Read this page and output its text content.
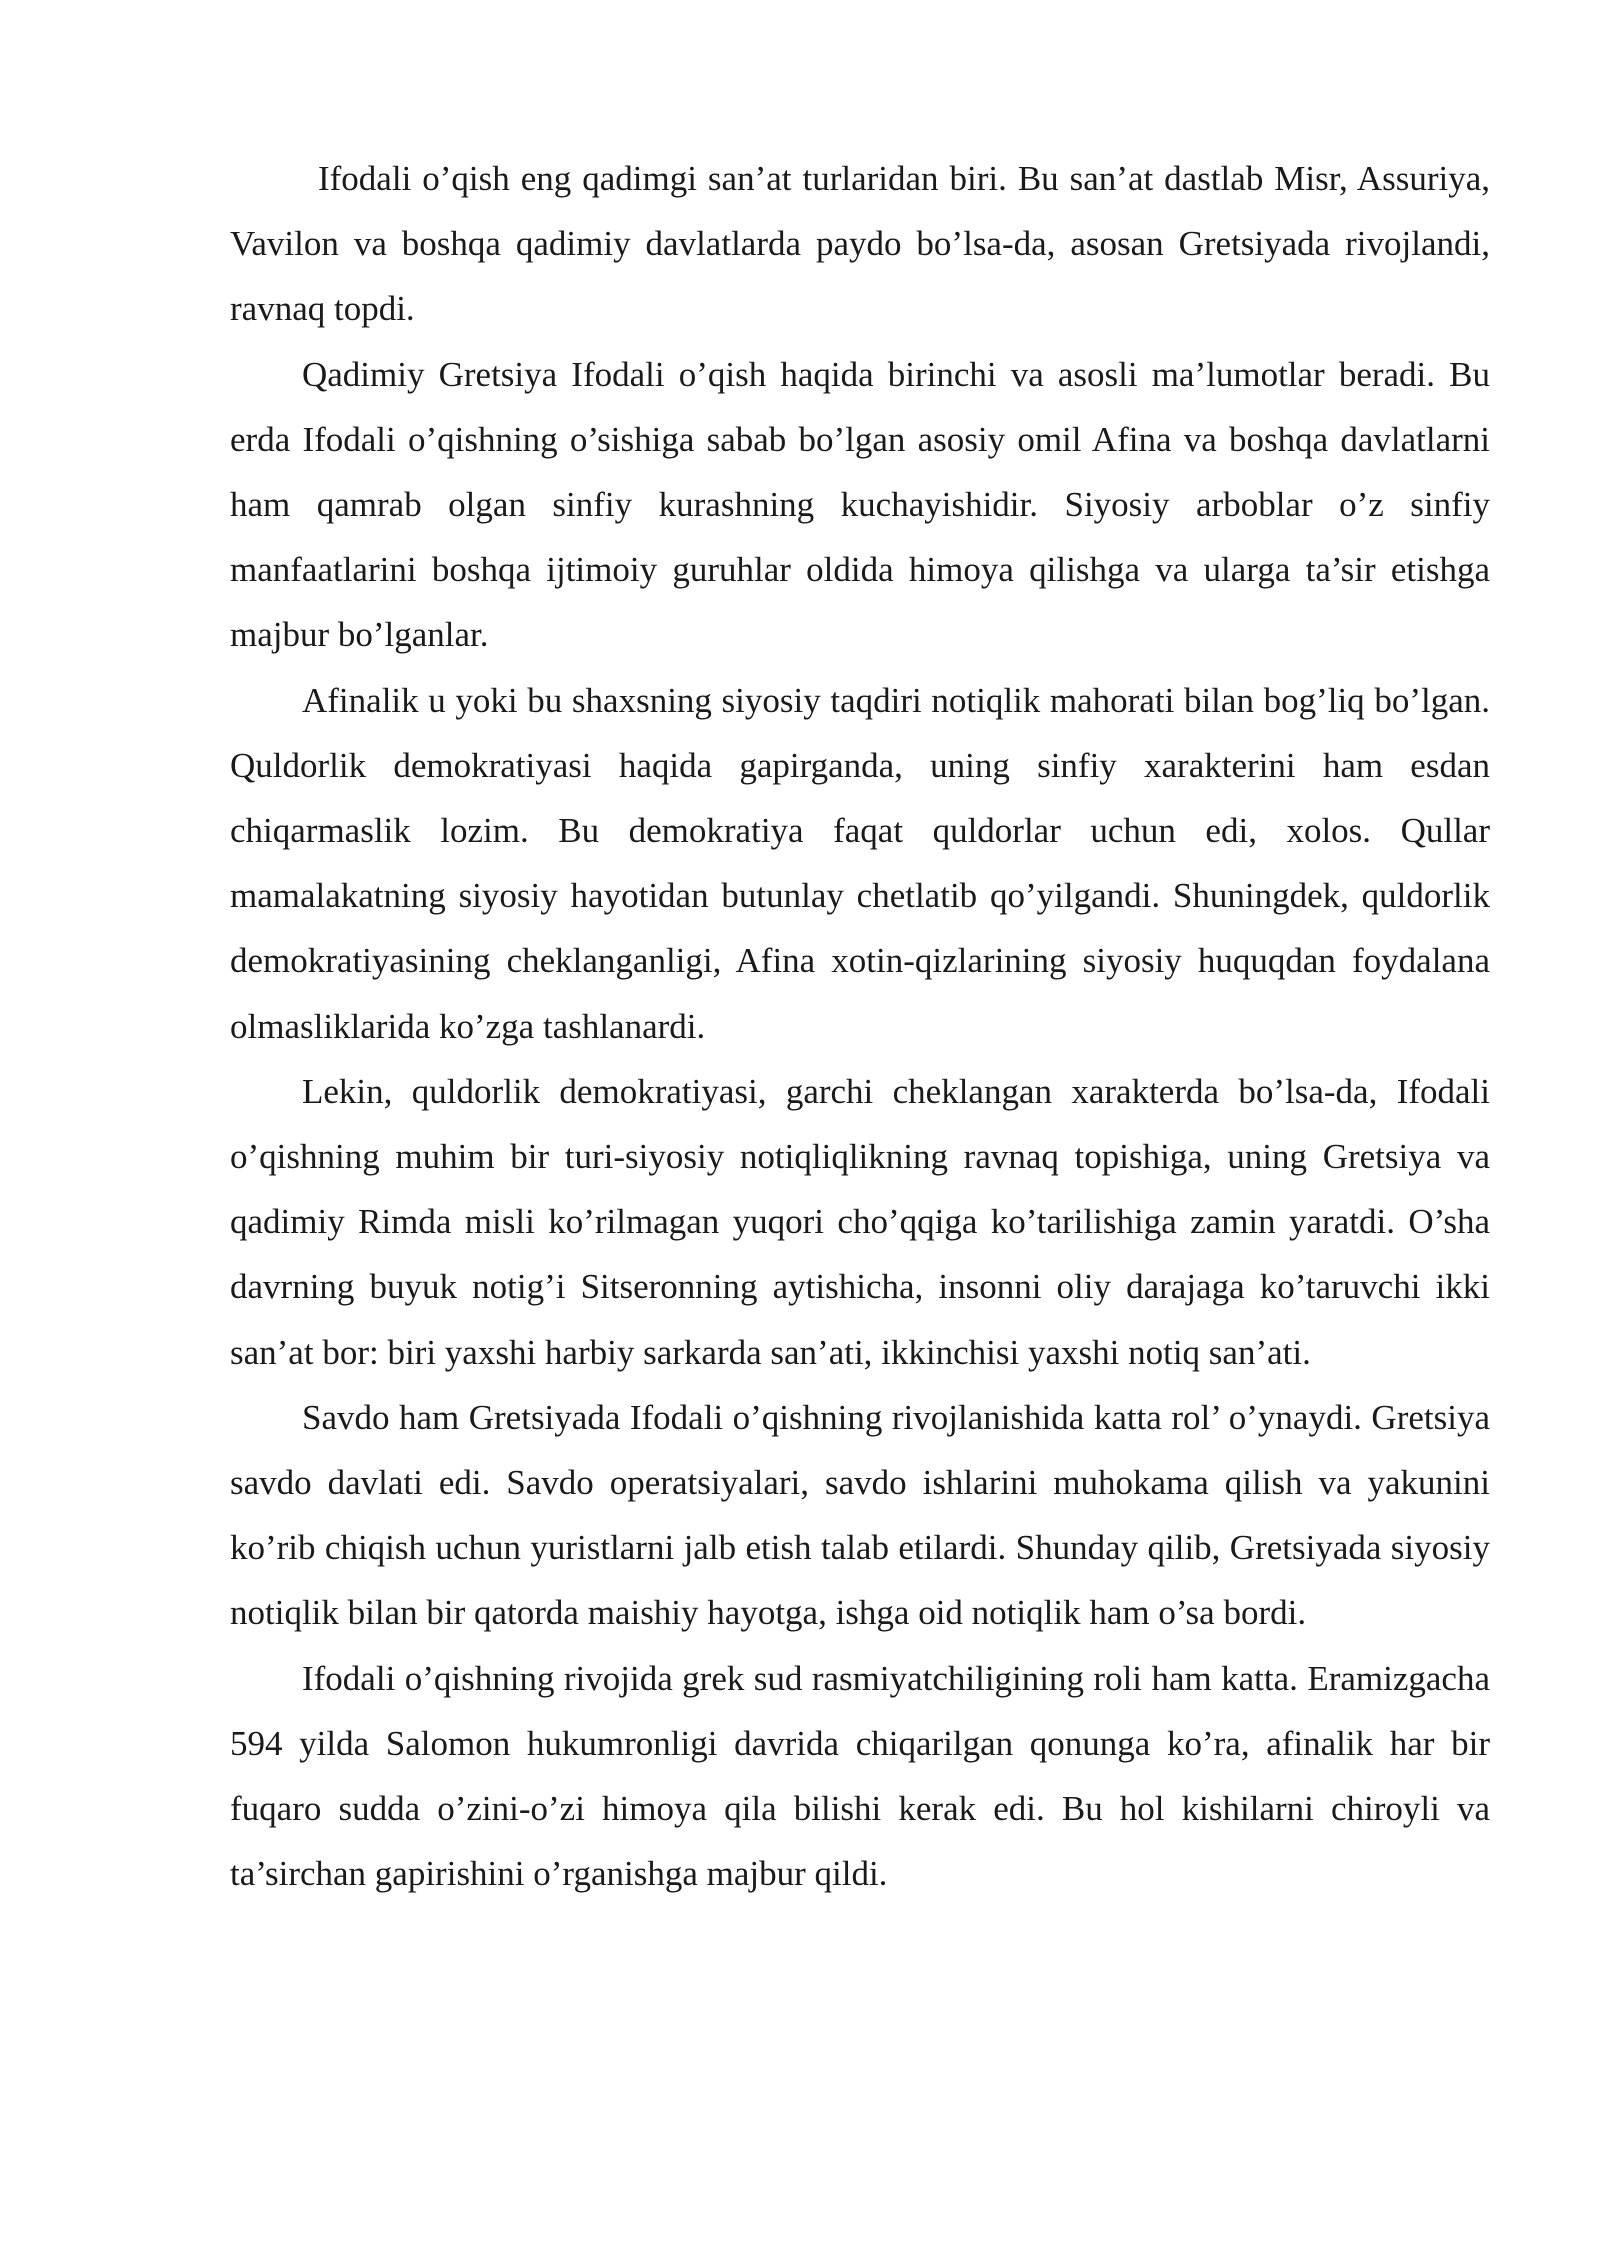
Ifodali o’qish eng qadimgi san’at turlaridan biri. Bu san’at dastlab Misr, Assuriya, Vavilon va boshqa qadimiy davlatlarda paydo bo’lsa-da, asosan Gretsiyada rivojlandi, ravnaq topdi.

Qadimiy Gretsiya Ifodali o’qish haqida birinchi va asosli ma’lumotlar beradi. Bu erda Ifodali o’qishning o’sishiga sabab bo’lgan asosiy omil Afina va boshqa davlatlarni ham qamrab olgan sinfiy kurashning kuchayishidir. Siyosiy arboblar o’z sinfiy manfaatlarini boshqa ijtimoiy guruhlar oldida himoya qilishga va ularga ta’sir etishga majbur bo’lganlar.

Afinalik u yoki bu shaxsning siyosiy taqdiri notiqlik mahorati bilan bog’liq bo’lgan. Quldorlik demokratiyasi haqida gapirganda, uning sinfiy xarakterini ham esdan chiqarmaslik lozim. Bu demokratiya faqat quldorlar uchun edi, xolos. Qullar mamalakatning siyosiy hayotidan butunlay chetlatib qo’yilgandi. Shuningdek, quldorlik demokratiyasining cheklanganligi, Afina xotin-qizlarining siyosiy huquqdan foydalana olmasliklarida ko’zga tashlanardi.

Lekin, quldorlik demokratiyasi, garchi cheklangan xarakterda bo’lsa-da, Ifodali o’qishning muhim bir turi-siyosiy notiqliqlikning ravnaq topishiga, uning Gretsiya va qadimiy Rimda misli ko’rilmagan yuqori cho’qqiga ko’tarilishiga zamin yaratdi. O’sha davrning buyuk notig’i Sitseronning aytishicha, insonni oliy darajaga ko’taruvchi ikki san’at bor: biri yaxshi harbiy sarkarda san’ati, ikkinchisi yaxshi notiq san’ati.

Savdo ham Gretsiyada Ifodali o’qishning rivojlanishida katta rol’ o’ynaydi. Gretsiya savdo davlati edi. Savdo operatsiyalari, savdo ishlarini muhokama qilish va yakunini ko’rib chiqish uchun yuristlarni jalb etish talab etilardi. Shunday qilib, Gretsiyada siyosiy notiqlik bilan bir qatorda maishiy hayotga, ishga oid notiqlik ham o’sa bordi.

Ifodali o’qishning rivojida grek sud rasmiyatchiligining roli ham katta. Eramizgacha 594 yilda Salomon hukumronligi davrida chiqarilgan qonunga ko’ra, afinalik har bir fuqaro sudda o’zini-o’zi himoya qila bilishi kerak edi. Bu hol kishilarni chiroyli va ta’sirchan gapirishini o’rganishga majbur qildi.
